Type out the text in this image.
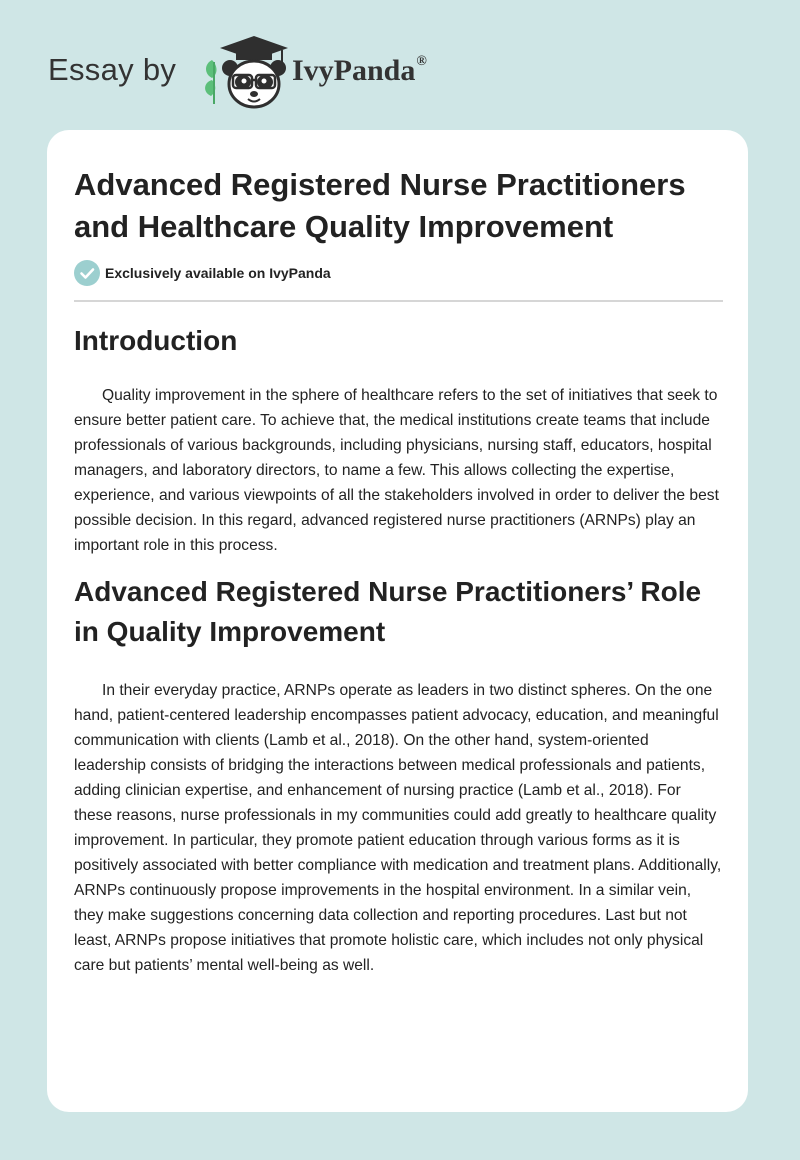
Essay by	IvyPanda®
Advanced Registered Nurse Practitioners and Healthcare Quality Improvement
Exclusively available on IvyPanda
Introduction

Quality improvement in the sphere of healthcare refers to the set of initiatives that seek to ensure better patient care. To achieve that, the medical institutions create teams that include professionals of various backgrounds, including physicians, nursing staff, educators, hospital managers, and laboratory directors, to name a few. This allows collecting the expertise, experience, and various viewpoints of all the stakeholders involved in order to deliver the best possible decision. In this regard, advanced registered nurse practitioners (ARNPs) play an important role in this process.

Advanced Registered Nurse Practitioners’ Role in Quality Improvement

In their everyday practice, ARNPs operate as leaders in two distinct spheres. On the one hand, patient-centered leadership encompasses patient advocacy, education, and meaningful communication with clients (Lamb et al., 2018). On the other hand, system-oriented leadership consists of bridging the interactions between medical professionals and patients, adding clinician expertise, and enhancement of nursing practice (Lamb et al., 2018). For these reasons, nurse professionals in my communities could add greatly to healthcare quality improvement. In particular, they promote patient education through various forms as it is positively associated with better compliance with medication and treatment plans. Additionally, ARNPs continuously propose improvements in the hospital environment. In a similar vein, they make suggestions concerning data collection and reporting procedures. Last but not least, ARNPs propose initiatives that promote holistic care, which includes not only physical care but patients’ mental well-being as well.
